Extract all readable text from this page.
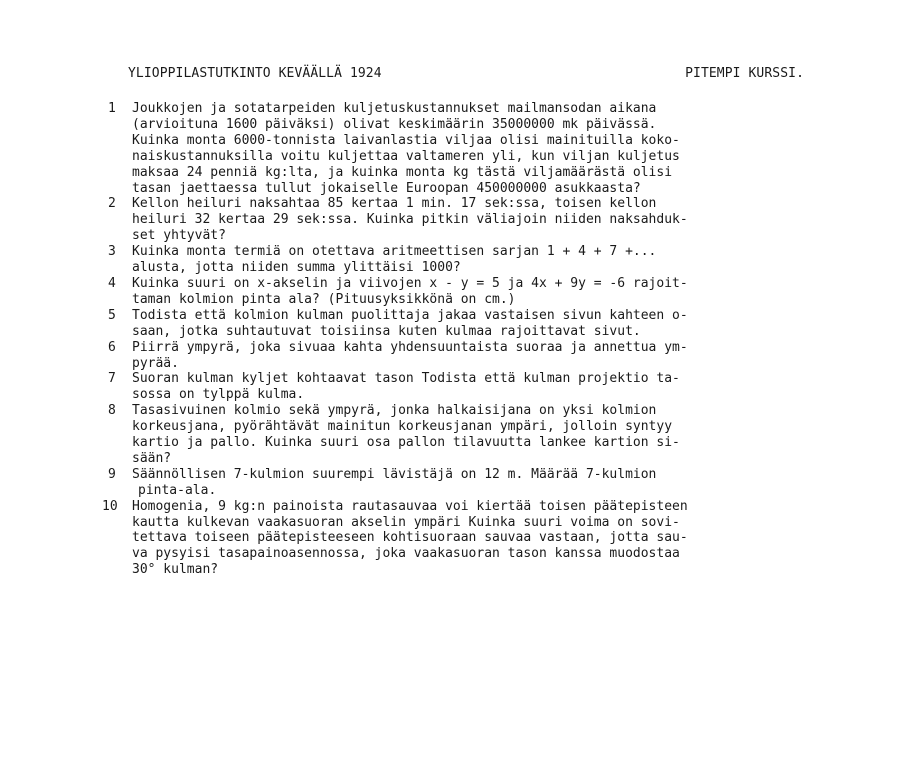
YLIOPPILASTUTKINTO KEVÄÄLLÄ 1924	PITEMPI KURSSI.
1	Joukkojen ja sotatarpeiden kuljetuskustannukset mailmansodan aikana
(arvioituna 1600 päiväksi) olivat keskimäärin 35000000 mk päivässä.
Kuinka monta 6000-tonnista laivanlastia viljaa olisi mainituilla koko-
naiskustannuksilla voitu kuljettaa valtameren yli, kun viljan kuljetus
maksaa 24 penniä kg:lta, ja kuinka monta kg tästä viljamäärästä olisi
tasan jaettaessa tullut jokaiselle Euroopan 450000000 asukkaasta?
2	Kellon heiluri naksahtaa 85 kertaa 1 min. 17 sek:ssa, toisen kellon
heiluri 32 kertaa 29 sek:ssa. Kuinka pitkin väliajoin niiden naksahduk-
set yhtyvät?
3	Kuinka monta termiä on otettava aritmeettisen sarjan 1 + 4 + 7 +...
alusta, jotta niiden summa ylittäisi 1000?
4	Kuinka suuri on x-akselin ja viivojen x - y = 5 ja 4x + 9y = -6 rajoit-
taman kolmion pinta ala? (Pituusyksikkönä on cm.)
5	Todista että kolmion kulman puolittaja jakaa vastaisen sivun kahteen o-
saan, jotka suhtautuvat toisiinsa kuten kulmaa rajoittavat sivut.
6	Piirrä ympyrä, joka sivuaa kahta yhdensuuntaista suoraa ja annettua ym-
pyrää.
7	Suoran kulman kyljet kohtaavat tason Todista että kulman projektio ta-
sossa on tylppä kulma.
8	Tasasivuinen kolmio sekä ympyrä, jonka halkaisijana on yksi kolmion
korkeusjana, pyörähtävät mainitun korkeusjanan ympäri, jolloin syntyy
kartio ja pallo. Kuinka suuri osa pallon tilavuutta lankee kartion si-
sään?
9	Säännöllisen 7-kulmion suurempi lävistäjä on 12 m. Määrää 7-kulmion
pinta-ala.
10	Homogenia, 9 kg:n painoista rautasauvaa voi kiertää toisen päätepisteen
kautta kulkevan vaakasuoran akselin ympäri Kuinka suuri voima on sovi-
tettava toiseen päätepisteeseen kohtisuoraan sauvaa vastaan, jotta sau-
va pysyisi tasapainoasennossa, joka vaakasuoran tason kanssa muodostaa
30° kulman?
